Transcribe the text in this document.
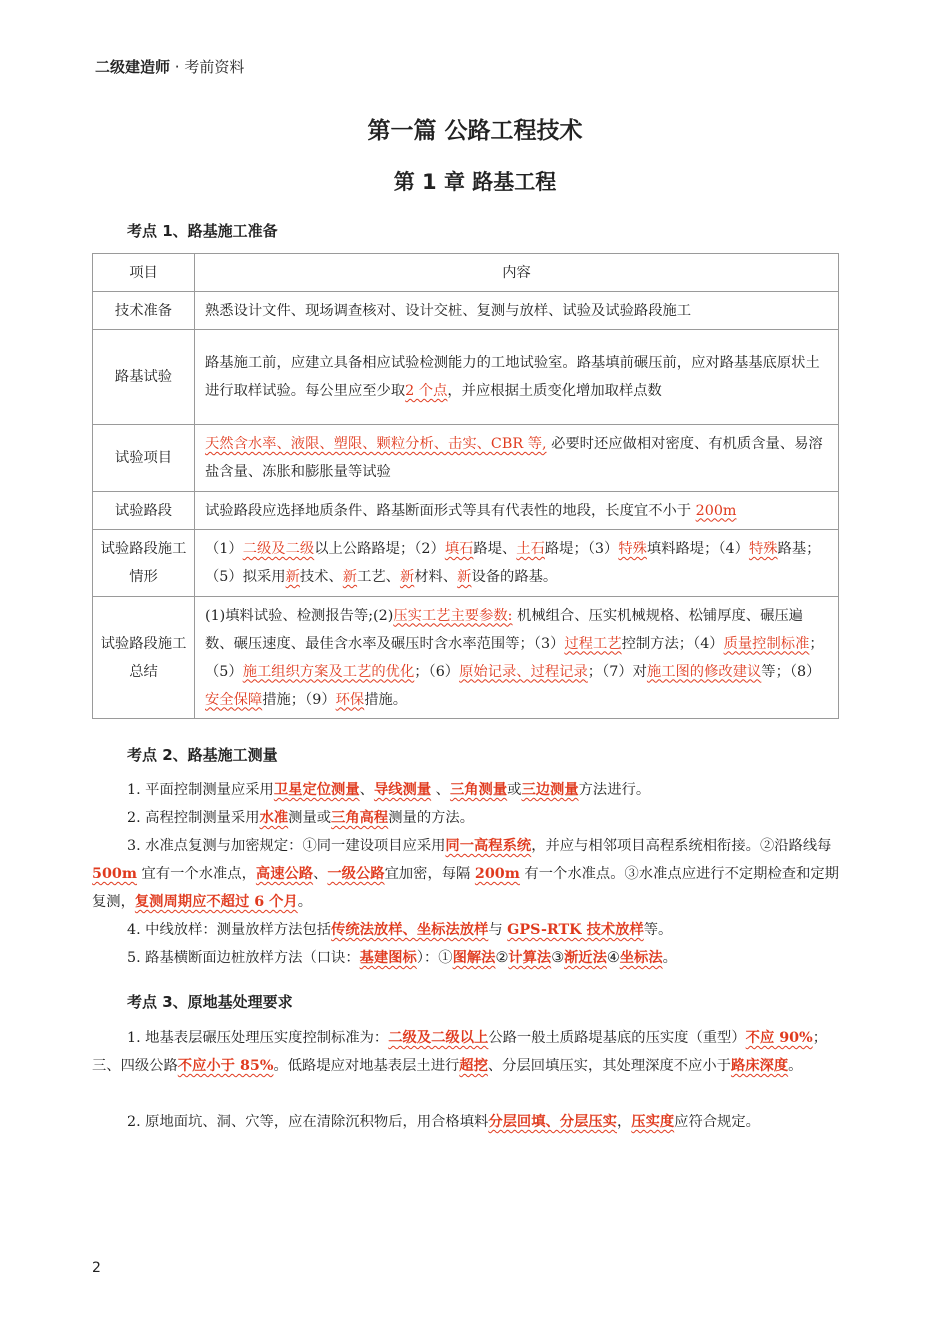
二级建造师 · 考前资料
第一篇 公路工程技术
第 1 章 路基工程
考点 1、路基施工准备
项目	内容
技术准备	熟悉设计文件、现场调查核对、设计交桩、复测与放样、试验及试验路段施工
路基试验	路基施工前，应建立具备相应试验检测能力的工地试验室。路基填前碾压前，应对路基基底原状土进行取样试验。每公里应至少取2 个点，并应根据土质变化增加取样点数
试验项目	天然含水率、液限、塑限、颗粒分析、击实、CBR 等, 必要时还应做相对密度、有机质含量、易溶盐含量、冻胀和膨胀量等试验
试验路段	试验路段应选择地质条件、路基断面形式等具有代表性的地段，长度宜不小于 200m
试验路段施工情形	（1）二级及二级以上公路路堤；（2）填石路堤、土石路堤；（3）特殊填料路堤；（4）特殊路基；（5）拟采用新技术、新工艺、新材料、新设备的路基。
试验路段施工总结	(1)填料试验、检测报告等;(2)压实工艺主要参数: 机械组合、压实机械规格、松铺厚度、碾压遍数、碾压速度、最佳含水率及碾压时含水率范围等；（3）过程工艺控制方法；（4）质量控制标准；（5）施工组织方案及工艺的优化；（6）原始记录、过程记录；（7）对施工图的修改建议等；（8）安全保障措施；（9）环保措施。
考点 2、路基施工测量
1. 平面控制测量应采用卫星定位测量、导线测量 、三角测量或三边测量方法进行。
2. 高程控制测量采用水准测量或三角高程测量的方法。
3. 水准点复测与加密规定：①同一建设项目应采用同一高程系统，并应与相邻项目高程系统相衔接。②沿路线每 500m 宜有一个水准点，高速公路、一级公路宜加密，每隔 200m 有一个水准点。③水准点应进行不定期检查和定期复测，复测周期应不超过 6 个月。
4. 中线放样：测量放样方法包括传统法放样、坐标法放样与 GPS-RTK 技术放样等。
5. 路基横断面边桩放样方法（口诀：基建图标）：①图解法②计算法③渐近法④坐标法。
考点 3、原地基处理要求
1. 地基表层碾压处理压实度控制标准为：二级及二级以上公路一般土质路堤基底的压实度（重型）不应 90%；三、四级公路不应小于 85%。低路堤应对地基表层土进行超挖、分层回填压实，其处理深度不应小于路床深度。
2. 原地面坑、洞、穴等，应在清除沉积物后，用合格填料分层回填、分层压实，压实度应符合规定。
2
